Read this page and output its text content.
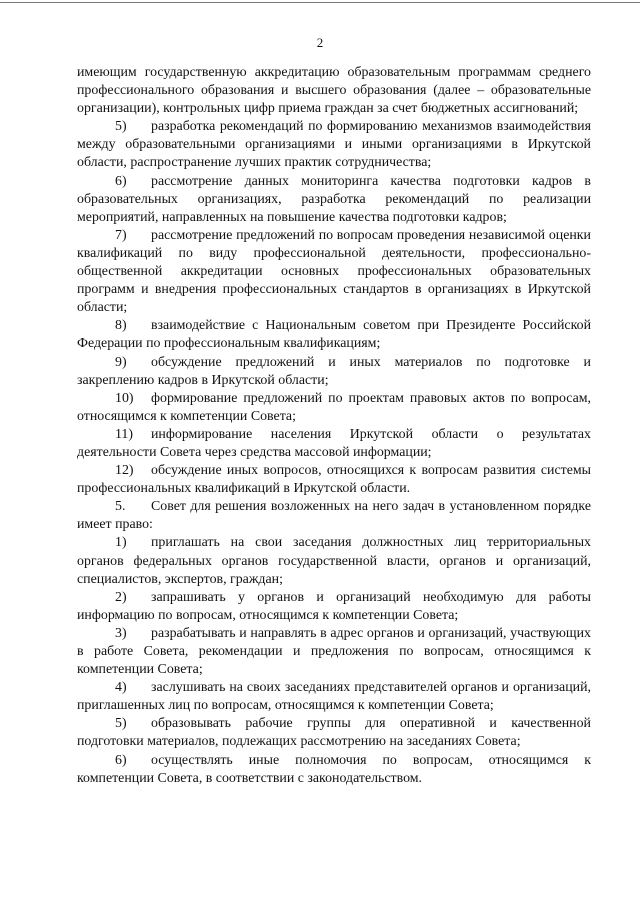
2

имеющим государственную аккредитацию образовательным программам среднего профессионального образования и высшего образования (далее – образовательные организации), контрольных цифр приема граждан за счет бюджетных ассигнований;

5) разработка рекомендаций по формированию механизмов взаимодействия между образовательными организациями и иными организациями в Иркутской области, распространение лучших практик сотрудничества;

6) рассмотрение данных мониторинга качества подготовки кадров в образовательных организациях, разработка рекомендаций по реализации мероприятий, направленных на повышение качества подготовки кадров;

7) рассмотрение предложений по вопросам проведения независимой оценки квалификаций по виду профессиональной деятельности, профессионально-общественной аккредитации основных профессиональных образовательных программ и внедрения профессиональных стандартов в организациях в Иркутской области;

8) взаимодействие с Национальным советом при Президенте Российской Федерации по профессиональным квалификациям;

9) обсуждение предложений и иных материалов по подготовке и закреплению кадров в Иркутской области;

10) формирование предложений по проектам правовых актов по вопросам, относящимся к компетенции Совета;

11) информирование населения Иркутской области о результатах деятельности Совета через средства массовой информации;

12) обсуждение иных вопросов, относящихся к вопросам развития системы профессиональных квалификаций в Иркутской области.

5. Совет для решения возложенных на него задач в установленном порядке имеет право:

1) приглашать на свои заседания должностных лиц территориальных органов федеральных органов государственной власти, органов и организаций, специалистов, экспертов, граждан;

2) запрашивать у органов и организаций необходимую для работы информацию по вопросам, относящимся к компетенции Совета;

3) разрабатывать и направлять в адрес органов и организаций, участвующих в работе Совета, рекомендации и предложения по вопросам, относящимся к компетенции Совета;

4) заслушивать на своих заседаниях представителей органов и организаций, приглашенных лиц по вопросам, относящимся к компетенции Совета;

5) образовывать рабочие группы для оперативной и качественной подготовки материалов, подлежащих рассмотрению на заседаниях Совета;

6) осуществлять иные полномочия по вопросам, относящимся к компетенции Совета, в соответствии с законодательством.
